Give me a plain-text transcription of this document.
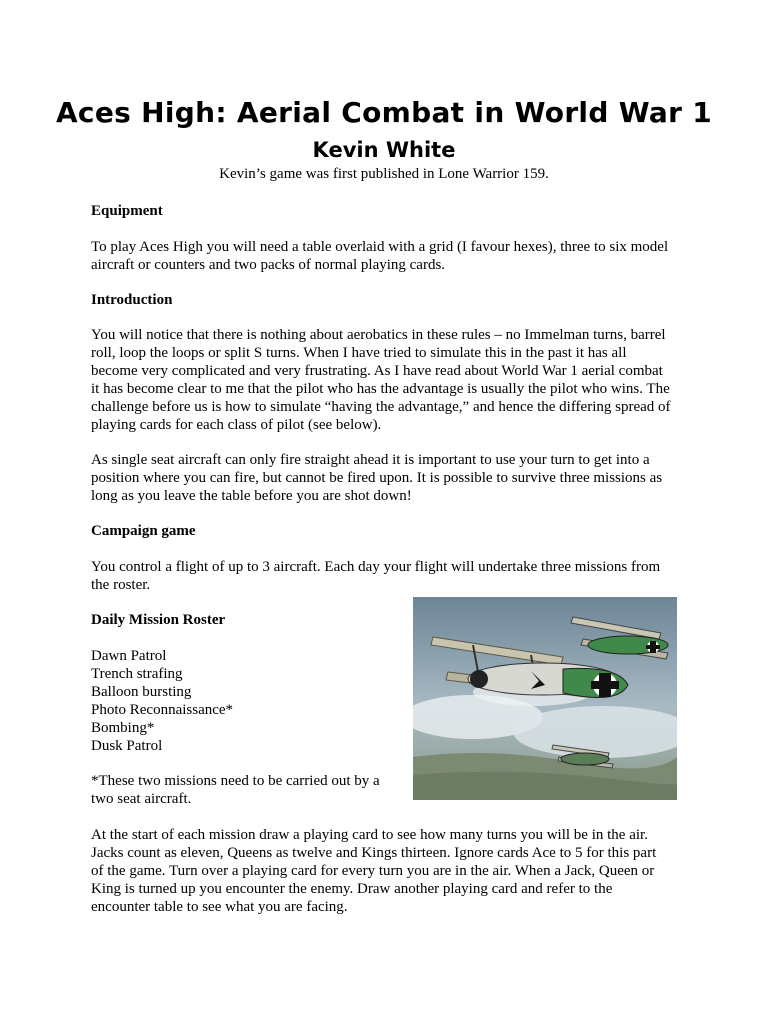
Aces High: Aerial Combat in World War 1
Kevin White

Kevin’s game was first published in Lone Warrior 159.

Equipment

To play Aces High you will need a table overlaid with a grid (I favour hexes), three to six model
aircraft or counters and two packs of normal playing cards.

Introduction

You will notice that there is nothing about aerobatics in these rules – no Immelman turns, barrel
roll, loop the loops or split S turns. When I have tried to simulate this in the past it has all
become very complicated and very frustrating. As I have read about World War 1 aerial combat
it has become clear to me that the pilot who has the advantage is usually the pilot who wins. The
challenge before us is how to simulate “having the advantage,” and hence the differing spread of
playing cards for each class of pilot (see below).

As single seat aircraft can only fire straight ahead it is important to use your turn to get into a
position where you can fire, but cannot be fired upon. It is possible to survive three missions as
long as you leave the table before you are shot down!

Campaign game

You control a flight of up to 3 aircraft. Each day your flight will undertake three missions from
the roster.

Daily Mission Roster

Dawn Patrol
Trench strafing
Balloon bursting
Photo Reconnaissance*
Bombing*
Dusk Patrol

*These two missions need to be carried out by a
two seat aircraft.

At the start of each mission draw a playing card to see how many turns you will be in the air.
Jacks count as eleven, Queens as twelve and Kings thirteen. Ignore cards Ace to 5 for this part
of the game. Turn over a playing card for every turn you are in the air. When a Jack, Queen or
King is turned up you encounter the enemy. Draw another playing card and refer to the
encounter table to see what you are facing.
